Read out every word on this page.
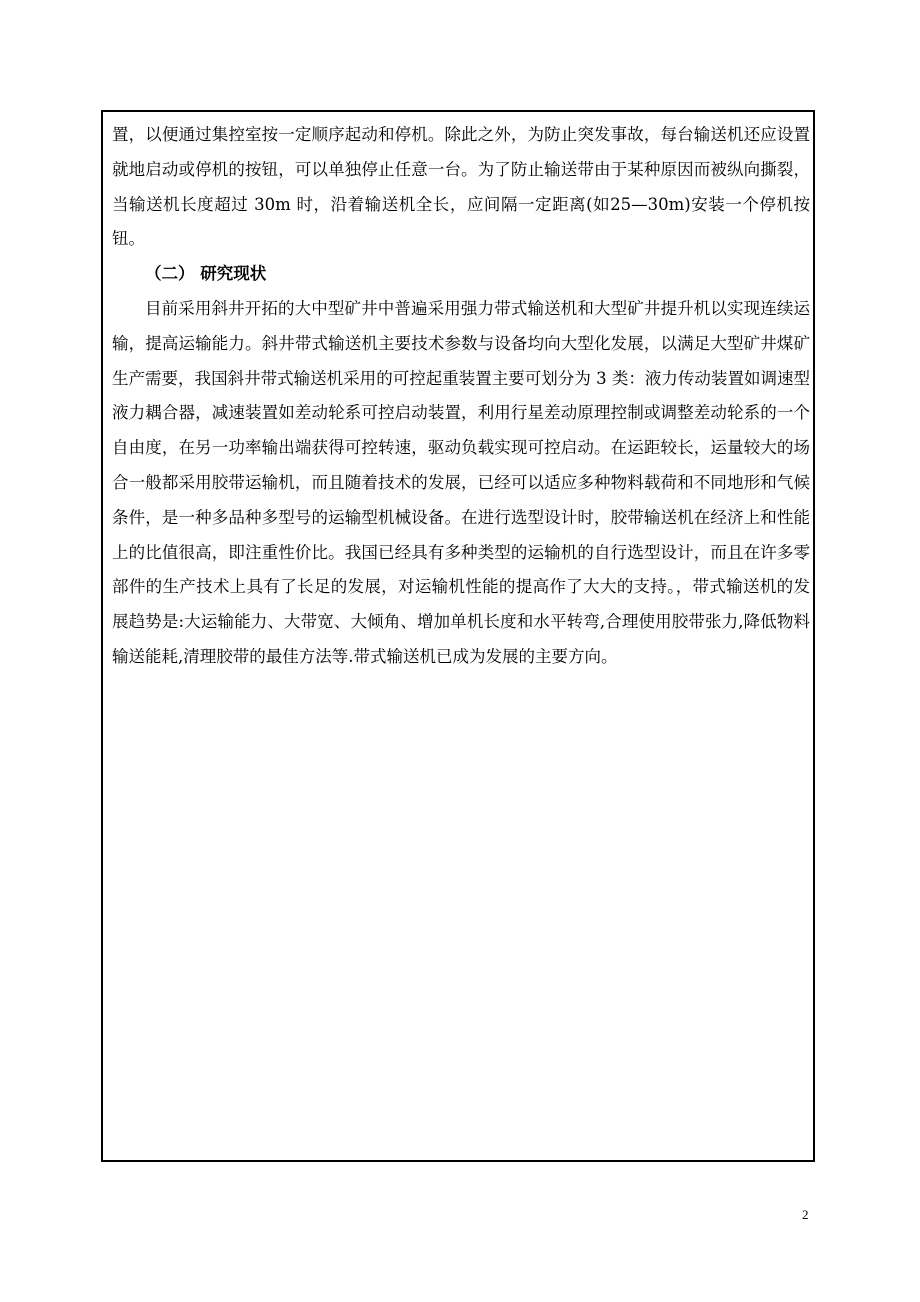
置，以便通过集控室按一定顺序起动和停机。除此之外，为防止突发事故，每台输送机还应设置就地启动或停机的按钮，可以单独停止任意一台。为了防止输送带由于某种原因而被纵向撕裂，当输送机长度超过 30m 时，沿着输送机全长，应间隔一定距离(如25—30m)安装一个停机按钮。

（二） 研究现状

目前采用斜井开拓的大中型矿井中普遍采用强力带式输送机和大型矿井提升机以实现连续运输，提高运输能力。斜井带式输送机主要技术参数与设备均向大型化发展，以满足大型矿井煤矿生产需要，我国斜井带式输送机采用的可控起重装置主要可划分为 3 类：液力传动装置如调速型液力耦合器，减速装置如差动轮系可控启动装置，利用行星差动原理控制或调整差动轮系的一个自由度，在另一功率输出端获得可控转速，驱动负载实现可控启动。在运距较长，运量较大的场合一般都采用胶带运输机，而且随着技术的发展，已经可以适应多种物料载荷和不同地形和气候条件，是一种多品种多型号的运输型机械设备。在进行选型设计时，胶带输送机在经济上和性能上的比值很高，即注重性价比。我国已经具有多种类型的运输机的自行选型设计，而且在许多零部件的生产技术上具有了长足的发展，对运输机性能的提高作了大大的支持。，带式输送机的发展趋势是:大运输能力、大带宽、大倾角、增加单机长度和水平转弯,合理使用胶带张力,降低物料输送能耗,清理胶带的最佳方法等.带式输送机已成为发展的主要方向。

2
